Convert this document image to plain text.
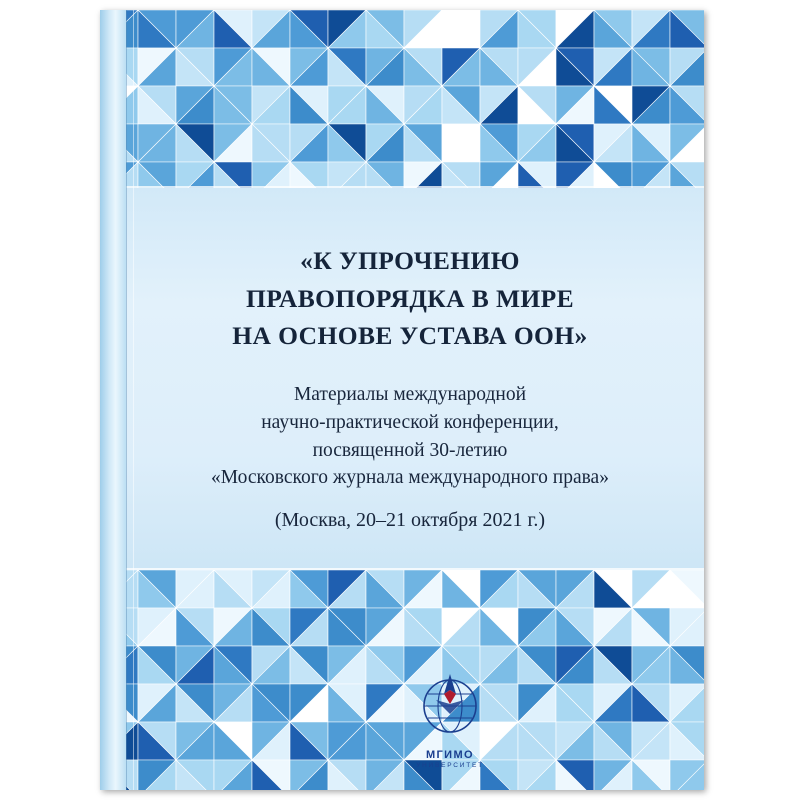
«К УПРОЧЕНИЮ
ПРАВОПОРЯДКА В МИРЕ
НА ОСНОВЕ УСТАВА ООН»
Материалы международной
научно-практической конференции,
посвященной 30-летию
«Московского журнала международного права»
(Москва, 20–21 октября 2021 г.)
МГИМО
УНИВЕРСИТЕТ
